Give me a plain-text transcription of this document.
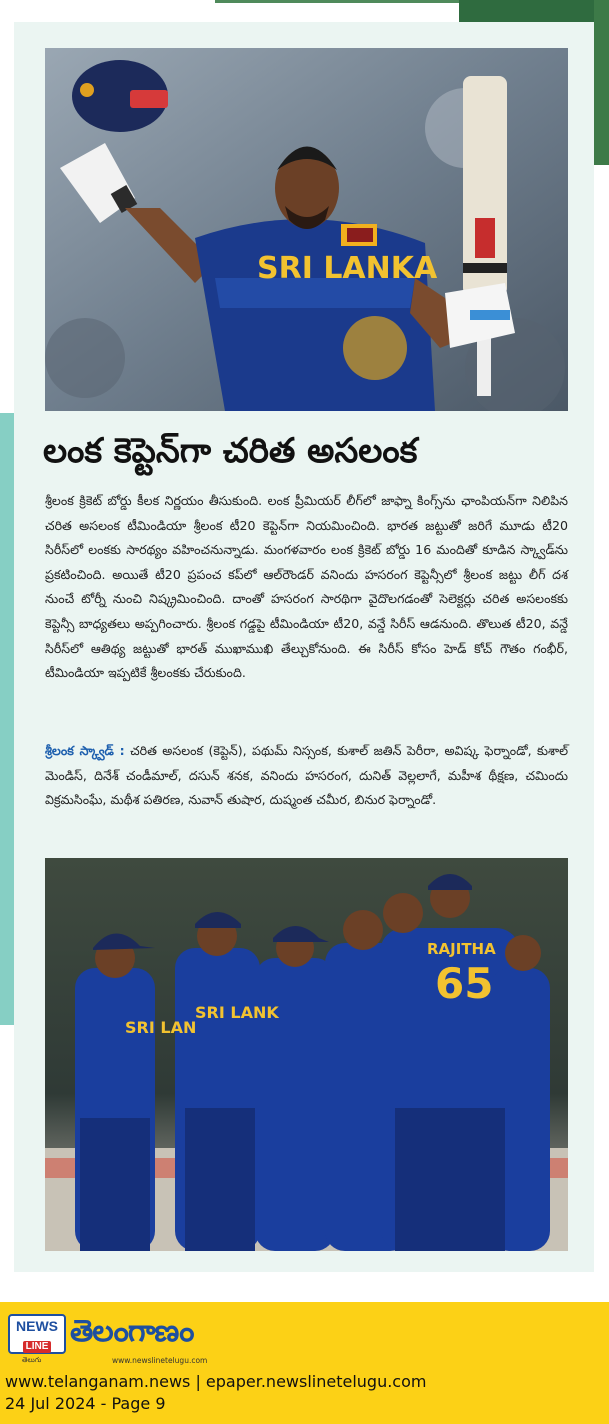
SRI LANKA
లంక కెప్టెన్‌గా చరిత అసలంక
శ్రీలంక క్రికెట్ బోర్డు కీలక నిర్ణయం తీసుకుంది. లంక ప్రీమియర్ లీగ్‌లో జాఫ్నా కింగ్స్‌ను ఛాంపియన్‌గా నిలిపిన చరిత అసలంక టీమిండియా శ్రీలంక టీ20 కెప్టెన్‌గా నియమించింది. భారత జట్టుతో జరిగే మూడు టీ20 సిరీస్‌లో లంకకు సారథ్యం వహించనున్నాడు. మంగళవారం లంక క్రికెట్ బోర్డు 16 మందితో కూడిన స్క్వాడ్‌ను ప్రకటించింది. అయితే టీ20 ప్రపంచ కప్‌లో ఆల్‌రౌండర్ వనిందు హసరంగ కెప్టెన్సీలో శ్రీలంక జట్టు లీగ్ దశ నుంచే టోర్నీ నుంచి నిష్క్రమించింది. దాంతో హసరంగ సారథిగా వైదొలగడంతో సెలెక్టర్లు చరిత అసలంకకు కెప్టెన్సీ బాధ్యతలు అప్పగించారు. శ్రీలంక గడ్డపై టీమిండియా టీ20, వన్డే సిరీస్ ఆడనుంది. తొలుత టీ20, వన్డే సిరీస్‌లో ఆతిథ్య జట్టుతో భారత్ ముఖాముఖి తేల్చుకోనుంది. ఈ సిరీస్ కోసం హెడ్ కోచ్ గౌతం గంభీర్, టీమిండియా ఇప్పటికే శ్రీలంకకు చేరుకుంది.
శ్రీలంక స్క్వాడ్ : చరిత అసలంక (కెప్టెన్), పథుమ్ నిస్సంక, కుశాల్ జతిన్ పెరీరా, అవిష్క ఫెర్నాండో, కుశాల్ మెండిస్, దినేశ్ చండీమాల్, దసున్ శనక, వనిందు హసరంగ, దునిత్ వెల్లలాగే, మహీశ థీక్షణ, చమిందు విక్రమసింఘే, మథీశ పతిరణ, నువాన్ తుషార, దుష్మంత చమీర, బినుర ఫెర్నాండో.
SRI LAN
SRI LANK
RAJITHA
65
NEWS
LINE
తెలుగు
తెలంగాణం
www.newslinetelugu.com
www.telanganam.news | epaper.newslinetelugu.com
24 Jul 2024 - Page 9
